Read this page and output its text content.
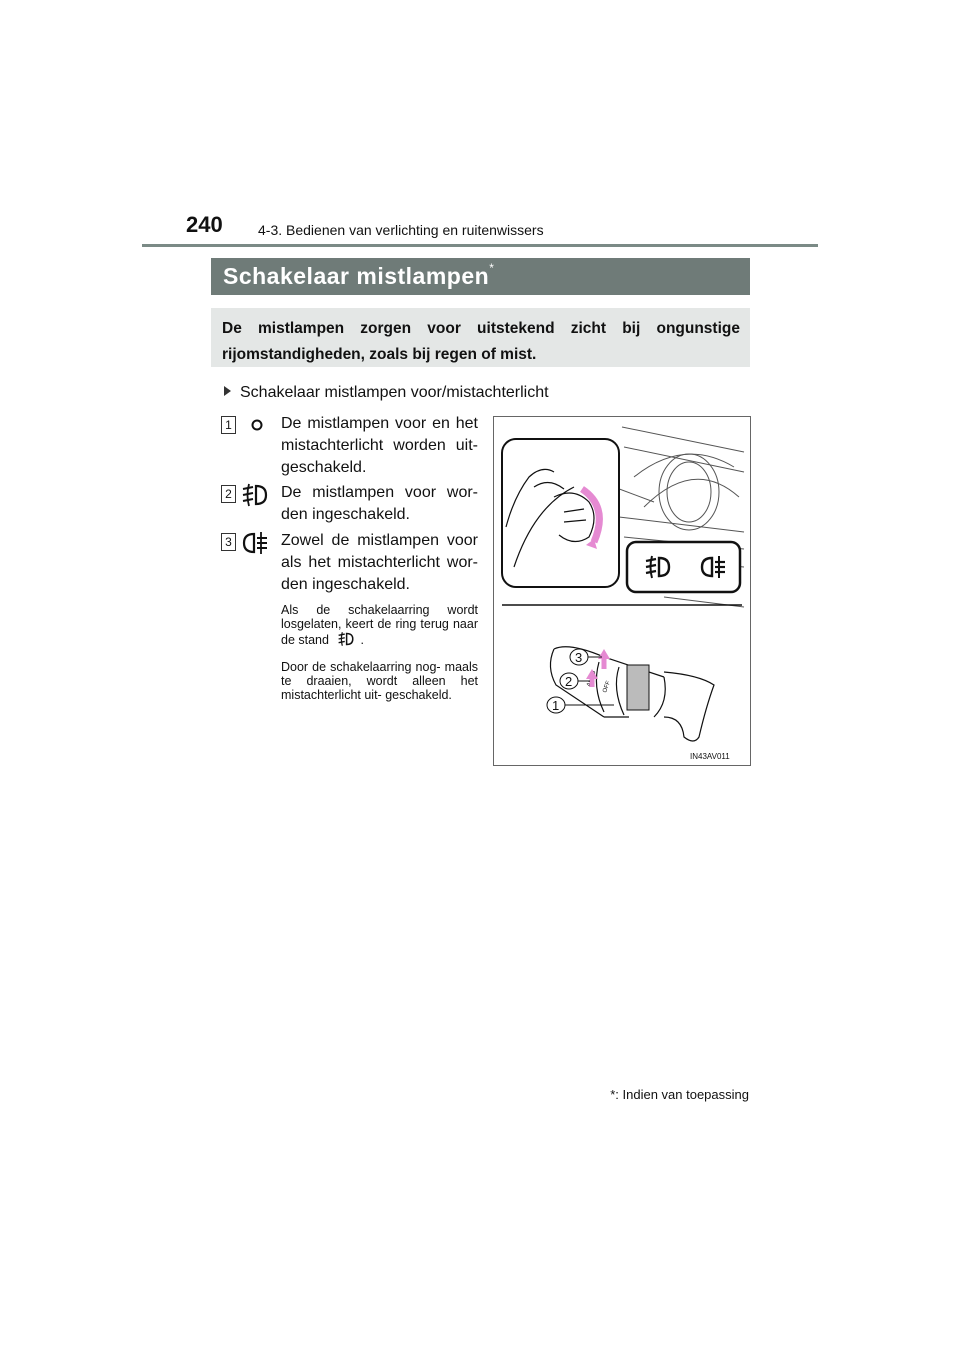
240	4-3. Bedienen van verlichting en ruitenwissers
Schakelaar mistlampen*
De mistlampen zorgen voor uitstekend zicht bij ongunstige rijomstandigheden, zoals bij regen of mist.
Schakelaar mistlampen voor/mistachterlicht
1	De mistlampen voor en het mistachterlicht worden uit- geschakeld.
2	De mistlampen voor wor- den ingeschakeld.
3	Zowel de mistlampen voor als het mistachterlicht wor- den ingeschakeld.
Als de schakelaarring wordt losgelaten, keert de ring terug naar de stand	.
Door de schakelaarring nog- maals te draaien, wordt alleen het mistachterlicht uit- geschakeld.
OFF
3
2
1
IN43AV011
*: Indien van toepassing
